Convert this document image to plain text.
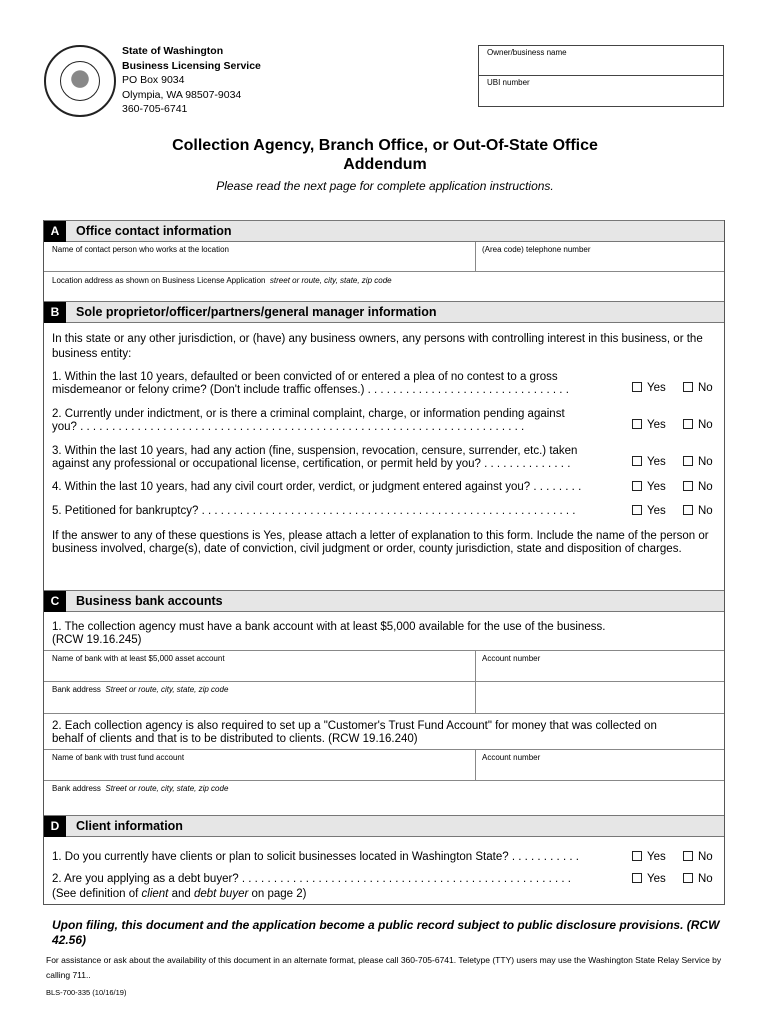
State of Washington
Business Licensing Service
PO Box 9034
Olympia, WA 98507-9034
360-705-6741
Owner/business name
UBI number
Collection Agency, Branch Office, or Out-Of-State Office
Addendum
Please read the next page for complete application instructions.
A	Office contact information
Name of contact person who works at the location	(Area code) telephone number
Location address as shown on Business License Application street or route, city, state, zip code
B	Sole proprietor/officer/partners/general manager information
In this state or any other jurisdiction, or (have) any business owners, any persons with controlling interest in this business, or the business entity:
1. Within the last 10 years, defaulted or been convicted of or entered a plea of no contest to a gross
misdemeanor or felony crime? (Don't include traffic offenses.) . . . . . . . . . . . . . . . . . . . . . . . . . . . . . . . .	Yes	No
2. Currently under indictment, or is there a criminal complaint, charge, or information pending against
you? . . . . . . . . . . . . . . . . . . . . . . . . . . . . . . . . . . . . . . . . . . . . . . . . . . . . . . . . . . . . . . . . . . . . . .	Yes	No
3. Within the last 10 years, had any action (fine, suspension, revocation, censure, surrender, etc.) taken
against any professional or occupational license, certification, or permit held by you? . . . . . . . . . . . . . .	Yes	No
4. Within the last 10 years, had any civil court order, verdict, or judgment entered against you? . . . . . . . .	Yes	No
5. Petitioned for bankruptcy? . . . . . . . . . . . . . . . . . . . . . . . . . . . . . . . . . . . . . . . . . . . . . . . . . . . . . . . . . . .	Yes	No
If the answer to any of these questions is Yes, please attach a letter of explanation to this form. Include the name of the person or business involved, charge(s), date of conviction, civil judgment or order, county jurisdiction, state and disposition of charges.
C	Business bank accounts
1. The collection agency must have a bank account with at least $5,000 available for the use of the business.
(RCW 19.16.245)
Name of bank with at least $5,000 asset account	Account number
Bank address Street or route, city, state, zip code
2. Each collection agency is also required to set up a "Customer's Trust Fund Account" for money that was collected on
behalf of clients and that is to be distributed to clients. (RCW 19.16.240)
Name of bank with trust fund account	Account number
Bank address Street or route, city, state, zip code
D	Client information
1. Do you currently have clients or plan to solicit businesses located in Washington State? . . . . . . . . . . .	Yes	No
2. Are you applying as a debt buyer? . . . . . . . . . . . . . . . . . . . . . . . . . . . . . . . . . . . . . . . . . . . . . . . . . . . .	Yes	No
(See definition of client and debt buyer on page 2)
Upon filing, this document and the application become a public record subject to public disclosure provisions. (RCW 42.56)
For assistance or ask about the availability of this document in an alternate format, please call 360-705-6741. Teletype (TTY) users may use the Washington State Relay Service by calling 711..
BLS-700-335 (10/16/19)
